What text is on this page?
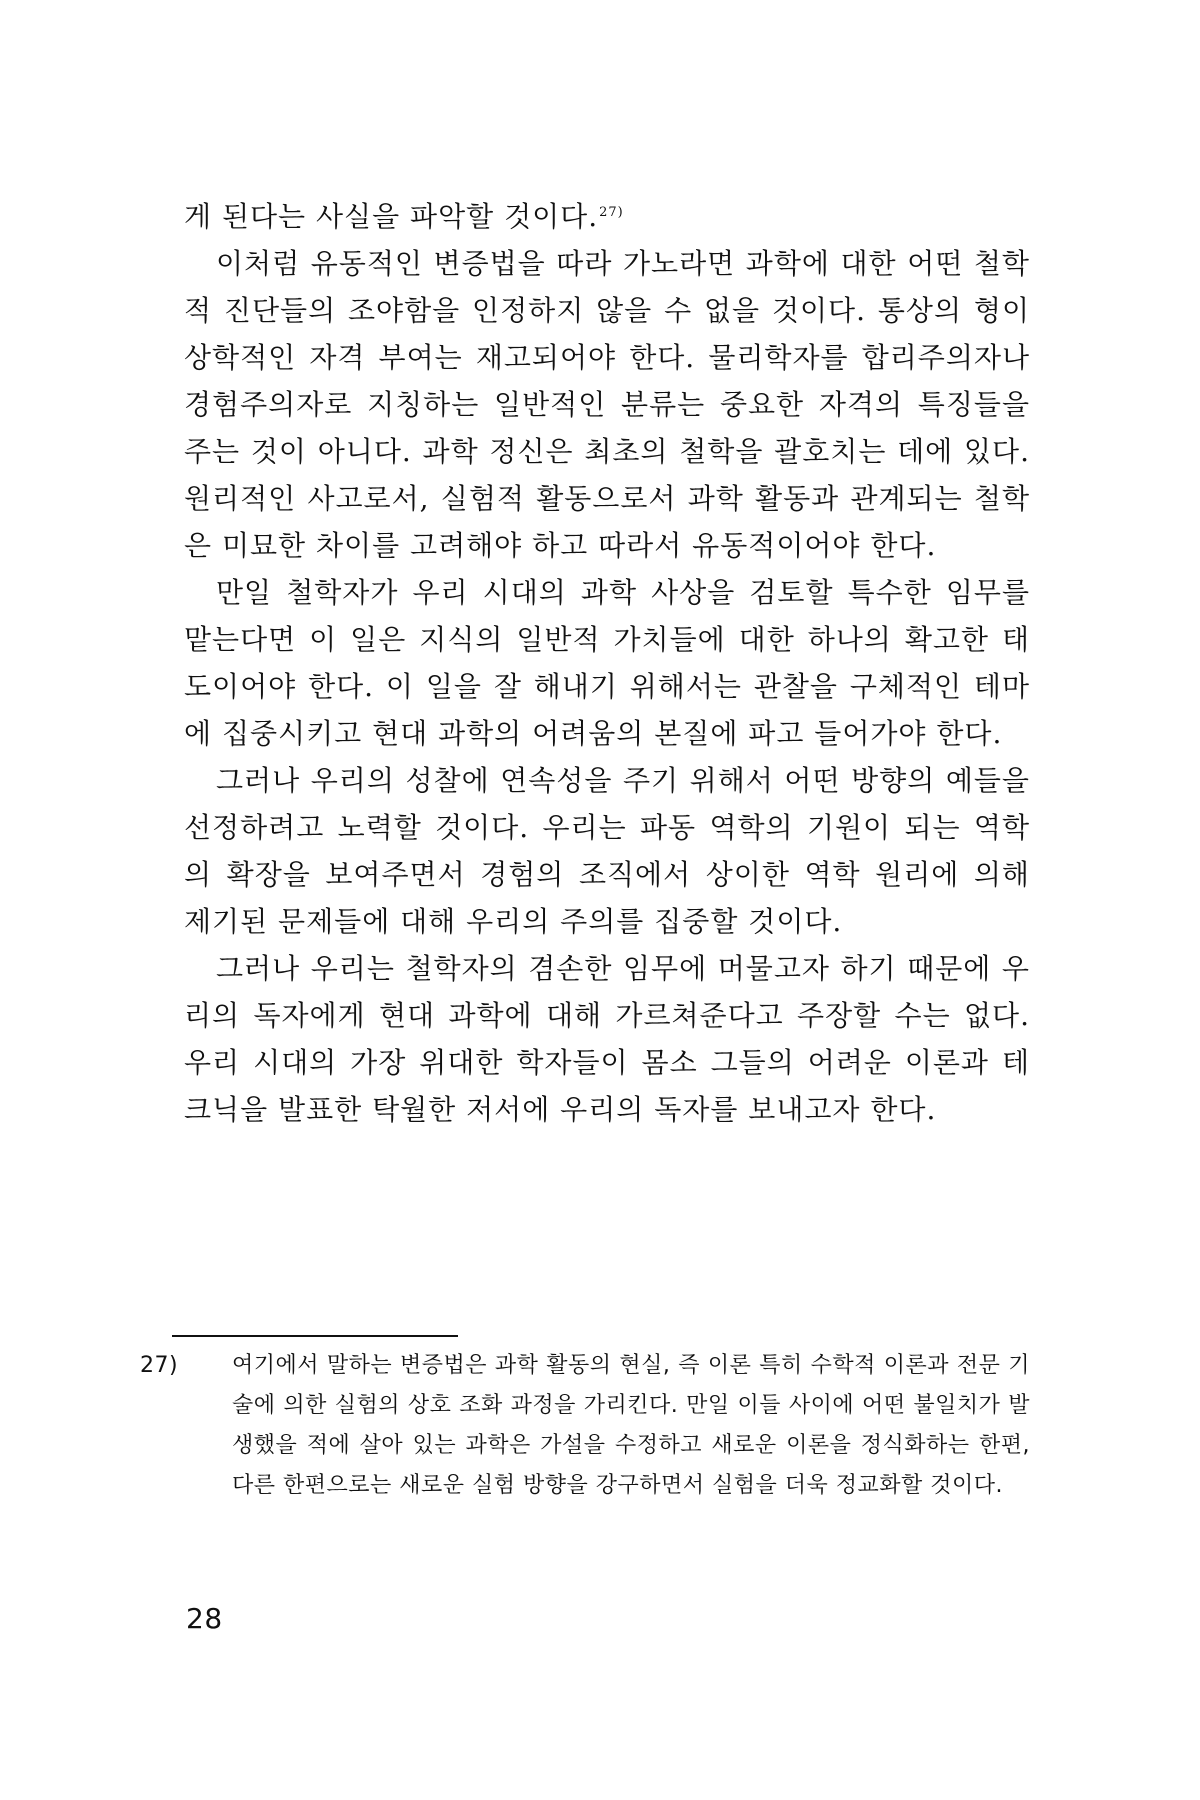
게 된다는 사실을 파악할 것이다.$^{27)}$

이처럼 유동적인 변증법을 따라 가노라면 과학에 대한 어떤 철학적 진단들의 조야함을 인정하지 않을 수 없을 것이다. 통상의 형이상학적인 자격 부여는 재고되어야 한다. 물리학자를 합리주의자나 경험주의자로 지칭하는 일반적인 분류는 중요한 자격의 특징들을 주는 것이 아니다. 과학 정신은 최초의 철학을 괄호치는 데에 있다. 원리적인 사고로서, 실험적 활동으로서 과학 활동과 관계되는 철학은 미묘한 차이를 고려해야 하고 따라서 유동적이어야 한다.

만일 철학자가 우리 시대의 과학 사상을 검토할 특수한 임무를 맡는다면 이 일은 지식의 일반적 가치들에 대한 하나의 확고한 태도이어야 한다. 이 일을 잘 해내기 위해서는 관찰을 구체적인 테마에 집중시키고 현대 과학의 어려움의 본질에 파고 들어가야 한다.

그러나 우리의 성찰에 연속성을 주기 위해서 어떤 방향의 예들을 선정하려고 노력할 것이다. 우리는 파동 역학의 기원이 되는 역학의 확장을 보여주면서 경험의 조직에서 상이한 역학 원리에 의해 제기된 문제들에 대해 우리의 주의를 집중할 것이다.

그러나 우리는 철학자의 겸손한 임무에 머물고자 하기 때문에 우리의 독자에게 현대 과학에 대해 가르쳐준다고 주장할 수는 없다. 우리 시대의 가장 위대한 학자들이 몸소 그들의 어려운 이론과 테크닉을 발표한 탁월한 저서에 우리의 독자를 보내고자 한다.

27) 여기에서 말하는 변증법은 과학 활동의 현실, 즉 이론 특히 수학적 이론과 전문 기술에 의한 실험의 상호 조화 과정을 가리킨다. 만일 이들 사이에 어떤 불일치가 발생했을 적에 살아 있는 과학은 가설을 수정하고 새로운 이론을 정식화하는 한편, 다른 한편으로는 새로운 실험 방향을 강구하면서 실험을 더욱 정교화할 것이다.
28
